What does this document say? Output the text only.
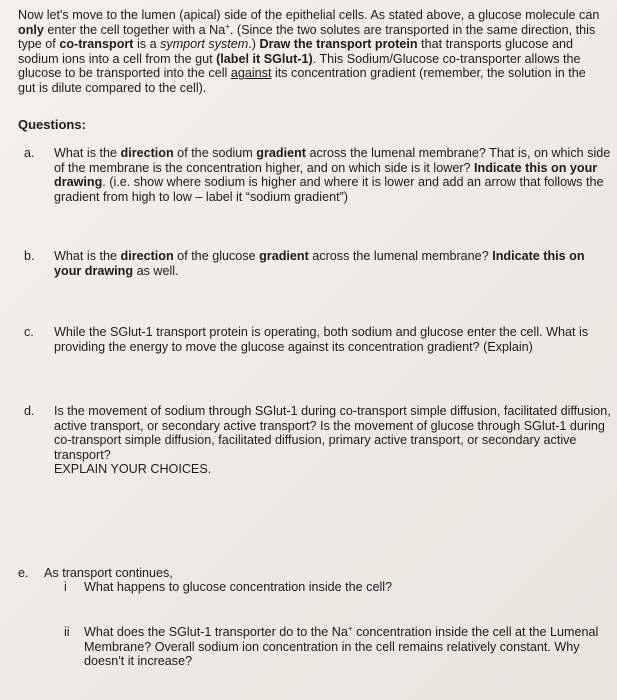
Now let's move to the lumen (apical) side of the epithelial cells. As stated above, a glucose molecule can only enter the cell together with a Na+. (Since the two solutes are transported in the same direction, this type of co-transport is a symport system.) Draw the transport protein that transports glucose and sodium ions into a cell from the gut (label it SGlut-1). This Sodium/Glucose co-transporter allows the glucose to be transported into the cell against its concentration gradient (remember, the solution in the gut is dilute compared to the cell).

Questions:

a. What is the direction of the sodium gradient across the lumenal membrane? That is, on which side of the membrane is the concentration higher, and on which side is it lower? Indicate this on your drawing. (i.e. show where sodium is higher and where it is lower and add an arrow that follows the gradient from high to low – label it “sodium gradient”)
b. What is the direction of the glucose gradient across the lumenal membrane? Indicate this on your drawing as well.
c. While the SGlut-1 transport protein is operating, both sodium and glucose enter the cell. What is providing the energy to move the glucose against its concentration gradient? (Explain)
d. Is the movement of sodium through SGlut-1 during co-transport simple diffusion, facilitated diffusion, active transport, or secondary active transport? Is the movement of glucose through SGlut-1 during co-transport simple diffusion, facilitated diffusion, primary active transport, or secondary active transport?
EXPLAIN YOUR CHOICES.
e. As transport continues,
i What happens to glucose concentration inside the cell?
ii What does the SGlut-1 transporter do to the Na+ concentration inside the cell at the Lumenal Membrane? Overall sodium ion concentration in the cell remains relatively constant. Why doesn't it increase?
